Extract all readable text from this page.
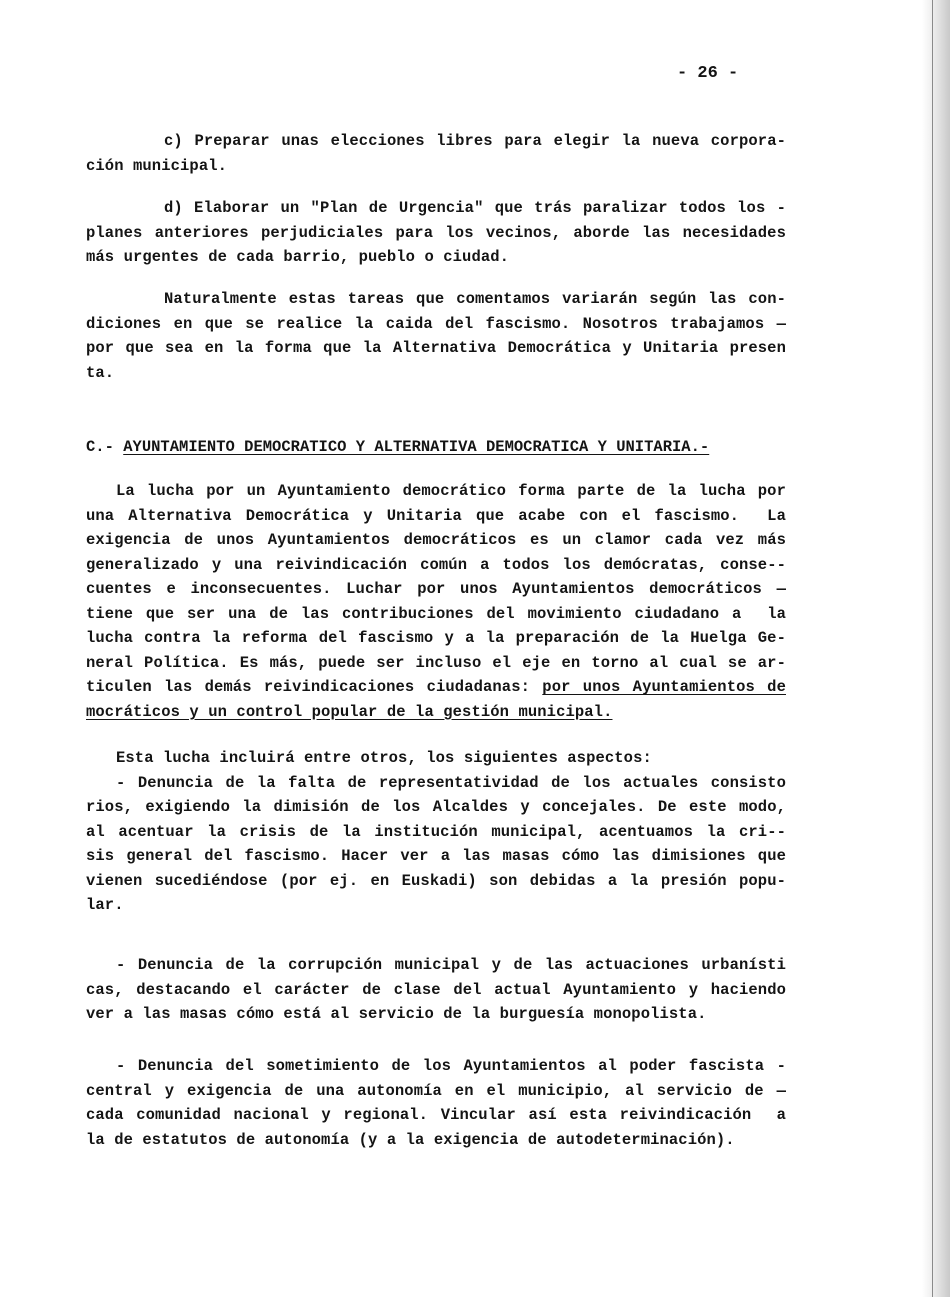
- 26 -
c) Preparar unas elecciones libres para elegir la nueva corpora-
ción municipal.
d) Elaborar un "Plan de Urgencia" que trás paralizar todos los -
planes anteriores perjudiciales para los vecinos, aborde las necesidades
más urgentes de cada barrio, pueblo o ciudad.
Naturalmente estas tareas que comentamos variarán según las con-
diciones en que se realice la caida del fascismo. Nosotros trabajamos —
por que sea en la forma que la Alternativa Democrática y Unitaria presen
ta.
C.- AYUNTAMIENTO DEMOCRATICO Y ALTERNATIVA DEMOCRATICA Y UNITARIA.-
La lucha por un Ayuntamiento democrático forma parte de la lucha por
una Alternativa Democrática y Unitaria que acabe con el fascismo.  La
exigencia de unos Ayuntamientos democráticos es un clamor cada vez más
generalizado y una reivindicación común a todos los demócratas, conse--
cuentes e inconsecuentes. Luchar por unos Ayuntamientos democráticos —
tiene que ser una de las contribuciones del movimiento ciudadano a  la
lucha contra la reforma del fascismo y a la preparación de la Huelga Ge-
neral Política. Es más, puede ser incluso el eje en torno al cual se ar-
ticulen las demás reivindicaciones ciudadanas: por unos Ayuntamientos de
mocráticos y un control popular de la gestión municipal.
Esta lucha incluirá entre otros, los siguientes aspectos:
- Denuncia de la falta de representatividad de los actuales consisto
rios, exigiendo la dimisión de los Alcaldes y concejales. De este modo,
al acentuar la crisis de la institución municipal, acentuamos la cri--
sis general del fascismo. Hacer ver a las masas cómo las dimisiones que
vienen sucediéndose (por ej. en Euskadi) son debidas a la presión popu-
lar.
- Denuncia de la corrupción municipal y de las actuaciones urbanísti
cas, destacando el carácter de clase del actual Ayuntamiento y haciendo
ver a las masas cómo está al servicio de la burguesía monopolista.
- Denuncia del sometimiento de los Ayuntamientos al poder fascista -
central y exigencia de una autonomía en el municipio, al servicio de —
cada comunidad nacional y regional. Vincular así esta reivindicación  a
la de estatutos de autonomía (y a la exigencia de autodeterminación).
